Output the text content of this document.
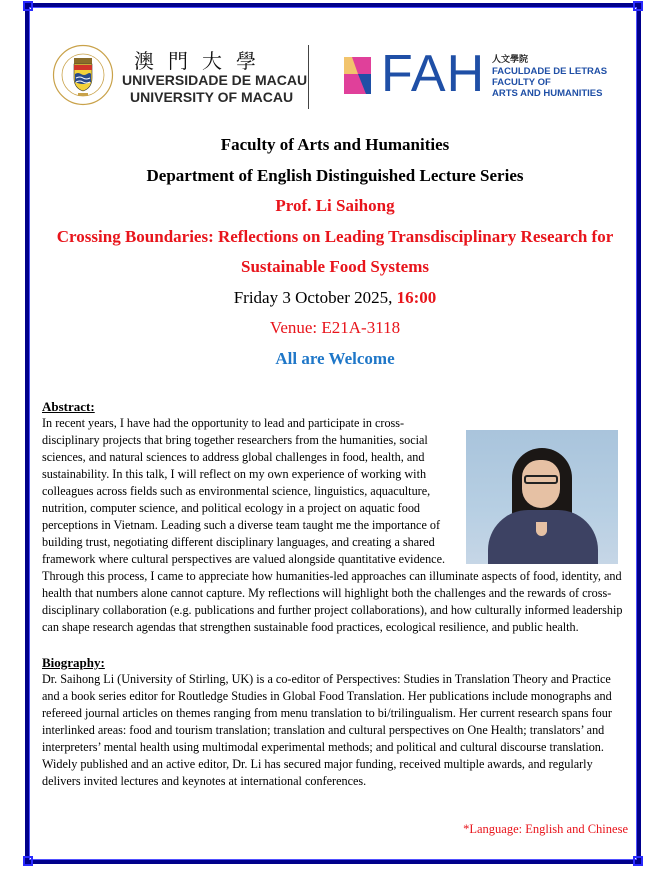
澳門大學
UNIVERSIDADE DE MACAU
UNIVERSITY OF MACAU FAH 人文學院
FACULDADE DE LETRAS
FACULTY OF
ARTS AND HUMANITIES
Faculty of Arts and Humanities
Department of English Distinguished Lecture Series
Prof. Li Saihong
Crossing Boundaries: Reflections on Leading Transdisciplinary Research for
Sustainable Food Systems
Friday 3 October 2025, 16:00
Venue: E21A-3118
All are Welcome
Abstract:

In recent years, I have had the opportunity to lead and participate in cross-disciplinary projects that bring together researchers from the humanities, social sciences, and natural sciences to address global challenges in food, health, and sustainability. In this talk, I will reflect on my own experience of working with colleagues across fields such as environmental science, linguistics, aquaculture, nutrition, computer science, and political ecology in a project on aquatic food perceptions in Vietnam. Leading such a diverse team taught me the importance of building trust, negotiating different disciplinary languages, and creating a shared framework where cultural perspectives are valued alongside quantitative evidence. Through this process, I came to appreciate how humanities-led approaches can illuminate aspects of food, identity, and health that numbers alone cannot capture. My reflections will highlight both the challenges and the rewards of cross-disciplinary collaboration (e.g. publications and further project collaborations), and how culturally informed leadership can shape research agendas that strengthen sustainable food practices, ecological resilience, and public health.

Biography:

Dr. Saihong Li (University of Stirling, UK) is a co-editor of Perspectives: Studies in Translation Theory and Practice and a book series editor for Routledge Studies in Global Food Translation. Her publications include monographs and refereed journal articles on themes ranging from menu translation to bi/trilingualism. Her current research spans four interlinked areas: food and tourism translation; translation and cultural perspectives on One Health; translators’ and interpreters’ mental health using multimodal experimental methods; and political and cultural discourse translation. Widely published and an active editor, Dr. Li has secured major funding, received multiple awards, and regularly delivers invited lectures and keynotes at international conferences.

*Language: English and Chinese
